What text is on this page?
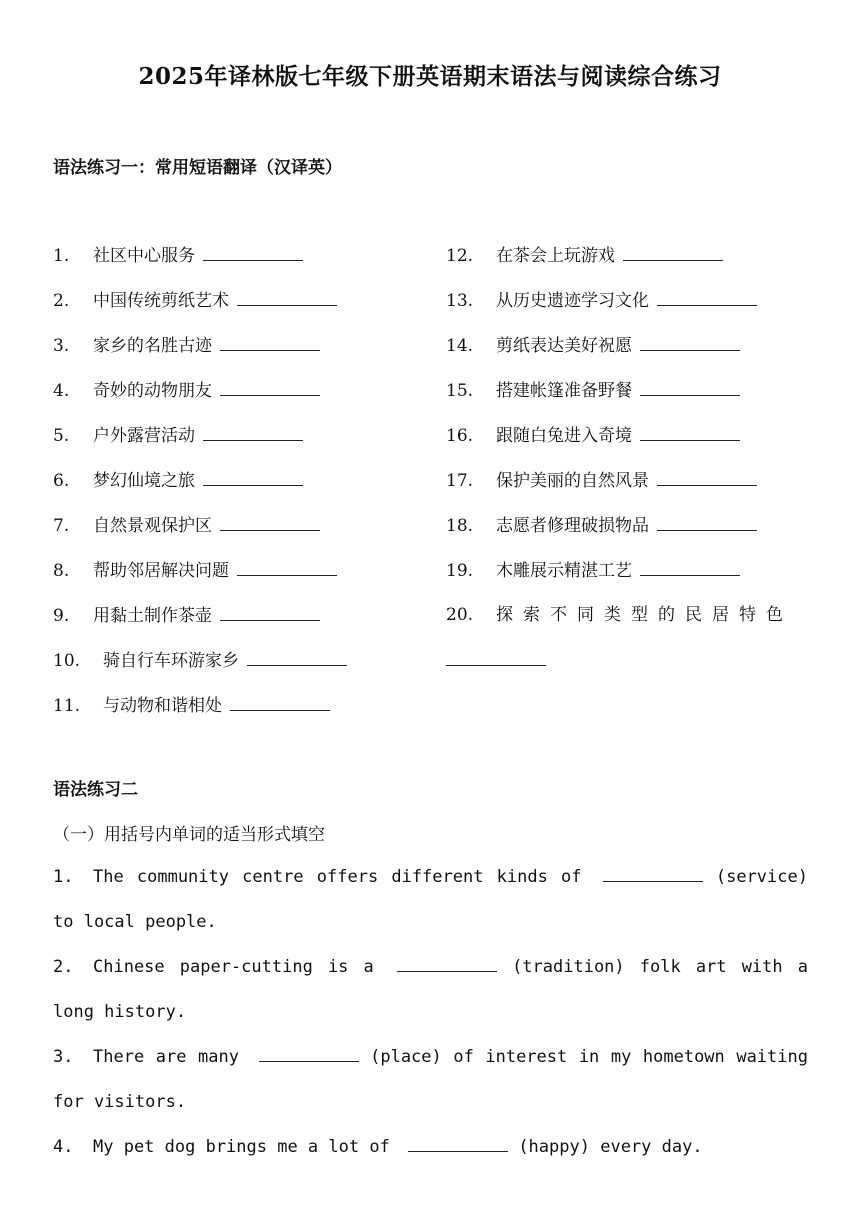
2025年译林版七年级下册英语期末语法与阅读综合练习
语法练习一：常用短语翻译（汉译英）
1. 社区中心服务
2. 中国传统剪纸艺术
3. 家乡的名胜古迹
4. 奇妙的动物朋友
5. 户外露营活动
6. 梦幻仙境之旅
7. 自然景观保护区
8. 帮助邻居解决问题
9. 用黏土制作茶壶
10. 骑自行车环游家乡
11. 与动物和谐相处
12. 在茶会上玩游戏
13. 从历史遗迹学习文化
14. 剪纸表达美好祝愿
15. 搭建帐篷准备野餐
16. 跟随白兔进入奇境
17. 保护美丽的自然风景
18. 志愿者修理破损物品
19. 木雕展示精湛工艺
20. 探索不同类型的民居特色
语法练习二
（一）用括号内单词的适当形式填空
1. The community centre offers different kinds of	(service) to local people.
2. Chinese paper-cutting is a	(tradition) folk art with a long history.
3. There are many	(place) of interest in my hometown waiting for visitors.
4. My pet dog brings me a lot of	(happy) every day.
